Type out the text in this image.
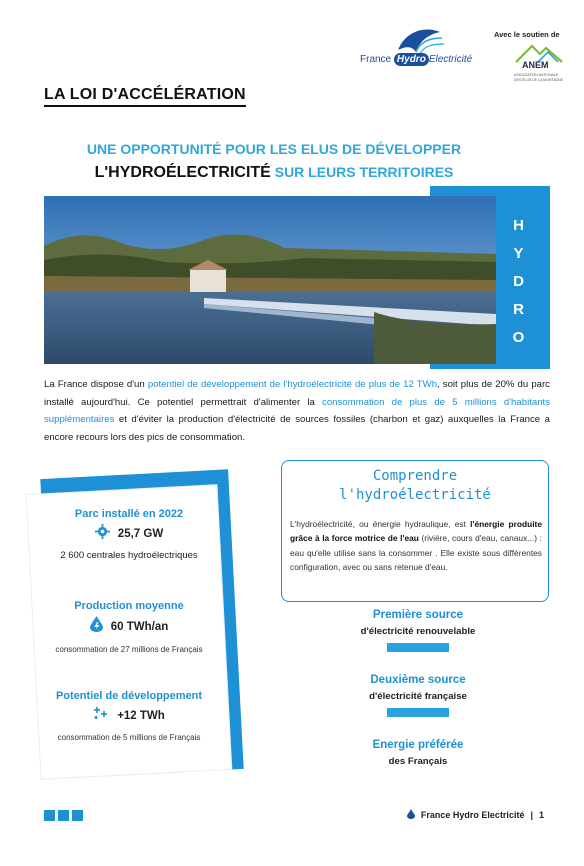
France Hydro Electricité
Avec le soutien de
ANEM
ASSOCIATION NATIONALE DES ÉLUS DE LA MONTAGNE
LA LOI D'ACCÉLÉRATION
UNE OPPORTUNITÉ POUR LES ELUS DE DÉVELOPPER
L'HYDROÉLECTRICITÉ SUR LEURS TERRITOIRES
HYDRO
La France dispose d'un potentiel de développement de l'hydroélectricité de plus de 12 TWh, soit plus de 20% du parc installé aujourd'hui. Ce potentiel permettrait d'alimenter la consommation de plus de 5 millions d'habitants supplémentaires et d'éviter la production d'électricité de sources fossiles (charbon et gaz) auxquelles la France a encore recours lors des pics de consommation.
Parc installé en 2022
25,7 GW
2 600 centrales hydroélectriques
Production moyenne
60 TWh/an
consommation de 27 millions de Français
Potentiel de développement
+12 TWh
consommation de 5 millions de Français
Comprendre
l'hydroélectricité
L'hydroélectricité, ou énergie hydraulique, est l'énergie produite grâce à la force motrice de l'eau (rivière, cours d'eau, canaux...) : eau qu'elle utilise sans la consommer . Elle existe sous différentes configuration, avec ou sans retenue d'eau.
Première source
d'électricité renouvelable
Deuxième source
d'électricité française
Energie préférée
des Français
France Hydro Electricité | 1
